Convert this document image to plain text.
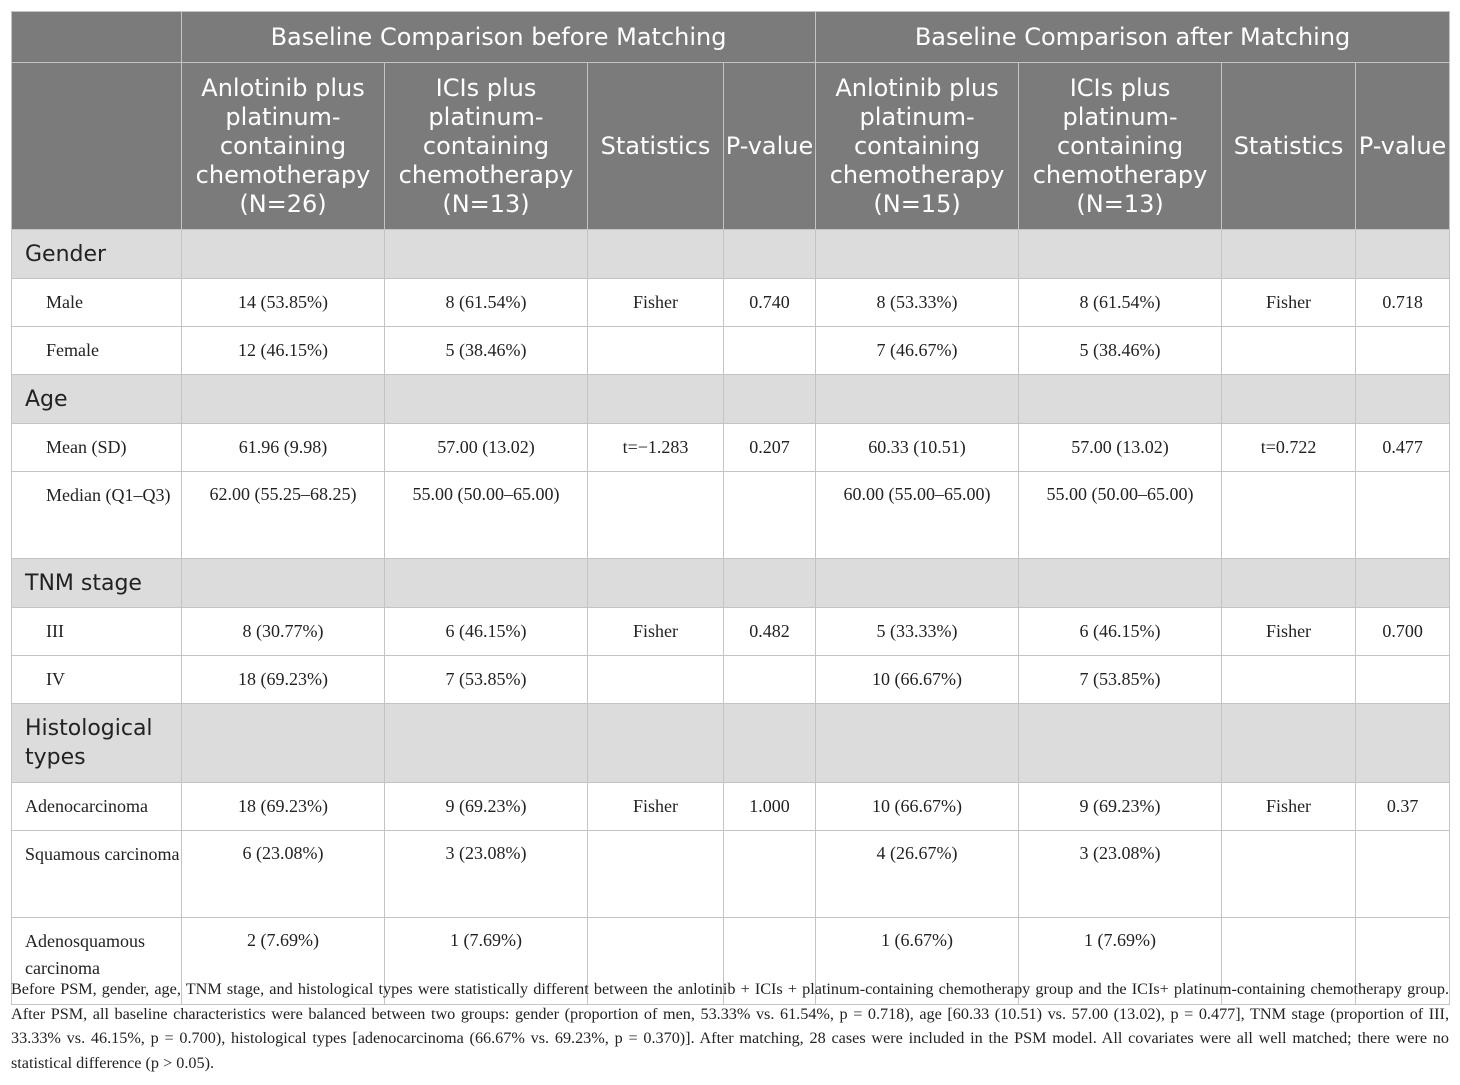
	Baseline Comparison before Matching				Baseline Comparison after Matching			
	Anlotinib plus platinum-containing chemotherapy (N=26)	ICIs plus platinum-containing chemotherapy (N=13)	Statistics	P-value	Anlotinib plus platinum-containing chemotherapy (N=15)	ICIs plus platinum-containing chemotherapy (N=13)	Statistics	P-value
Gender								
Male	14 (53.85%)	8 (61.54%)	Fisher	0.740	8 (53.33%)	8 (61.54%)	Fisher	0.718
Female	12 (46.15%)	5 (38.46%)			7 (46.67%)	5 (38.46%)		
Age								
Mean (SD)	61.96 (9.98)	57.00 (13.02)	t=−1.283	0.207	60.33 (10.51)	57.00 (13.02)	t=0.722	0.477
Median (Q1–Q3)	62.00 (55.25–68.25)	55.00 (50.00–65.00)			60.00 (55.00–65.00)	55.00 (50.00–65.00)		
TNM stage								
III	8 (30.77%)	6 (46.15%)	Fisher	0.482	5 (33.33%)	6 (46.15%)	Fisher	0.700
IV	18 (69.23%)	7 (53.85%)			10 (66.67%)	7 (53.85%)		
Histological types								
Adenocarcinoma	18 (69.23%)	9 (69.23%)	Fisher	1.000	10 (66.67%)	9 (69.23%)	Fisher	0.37
Squamous carcinoma	6 (23.08%)	3 (23.08%)			4 (26.67%)	3 (23.08%)		
Adenosquamous carcinoma	2 (7.69%)	1 (7.69%)			1 (6.67%)	1 (7.69%)		
Before PSM, gender, age, TNM stage, and histological types were statistically different between the anlotinib + ICIs + platinum-containing chemotherapy group and the ICIs+ platinum-containing chemotherapy group. After PSM, all baseline characteristics were balanced between two groups: gender (proportion of men, 53.33% vs. 61.54%, p = 0.718), age [60.33 (10.51) vs. 57.00 (13.02), p = 0.477], TNM stage (proportion of III, 33.33% vs. 46.15%, p = 0.700), histological types [adenocarcinoma (66.67% vs. 69.23%, p = 0.370)]. After matching, 28 cases were included in the PSM model. All covariates were all well matched; there were no statistical difference (p > 0.05).
